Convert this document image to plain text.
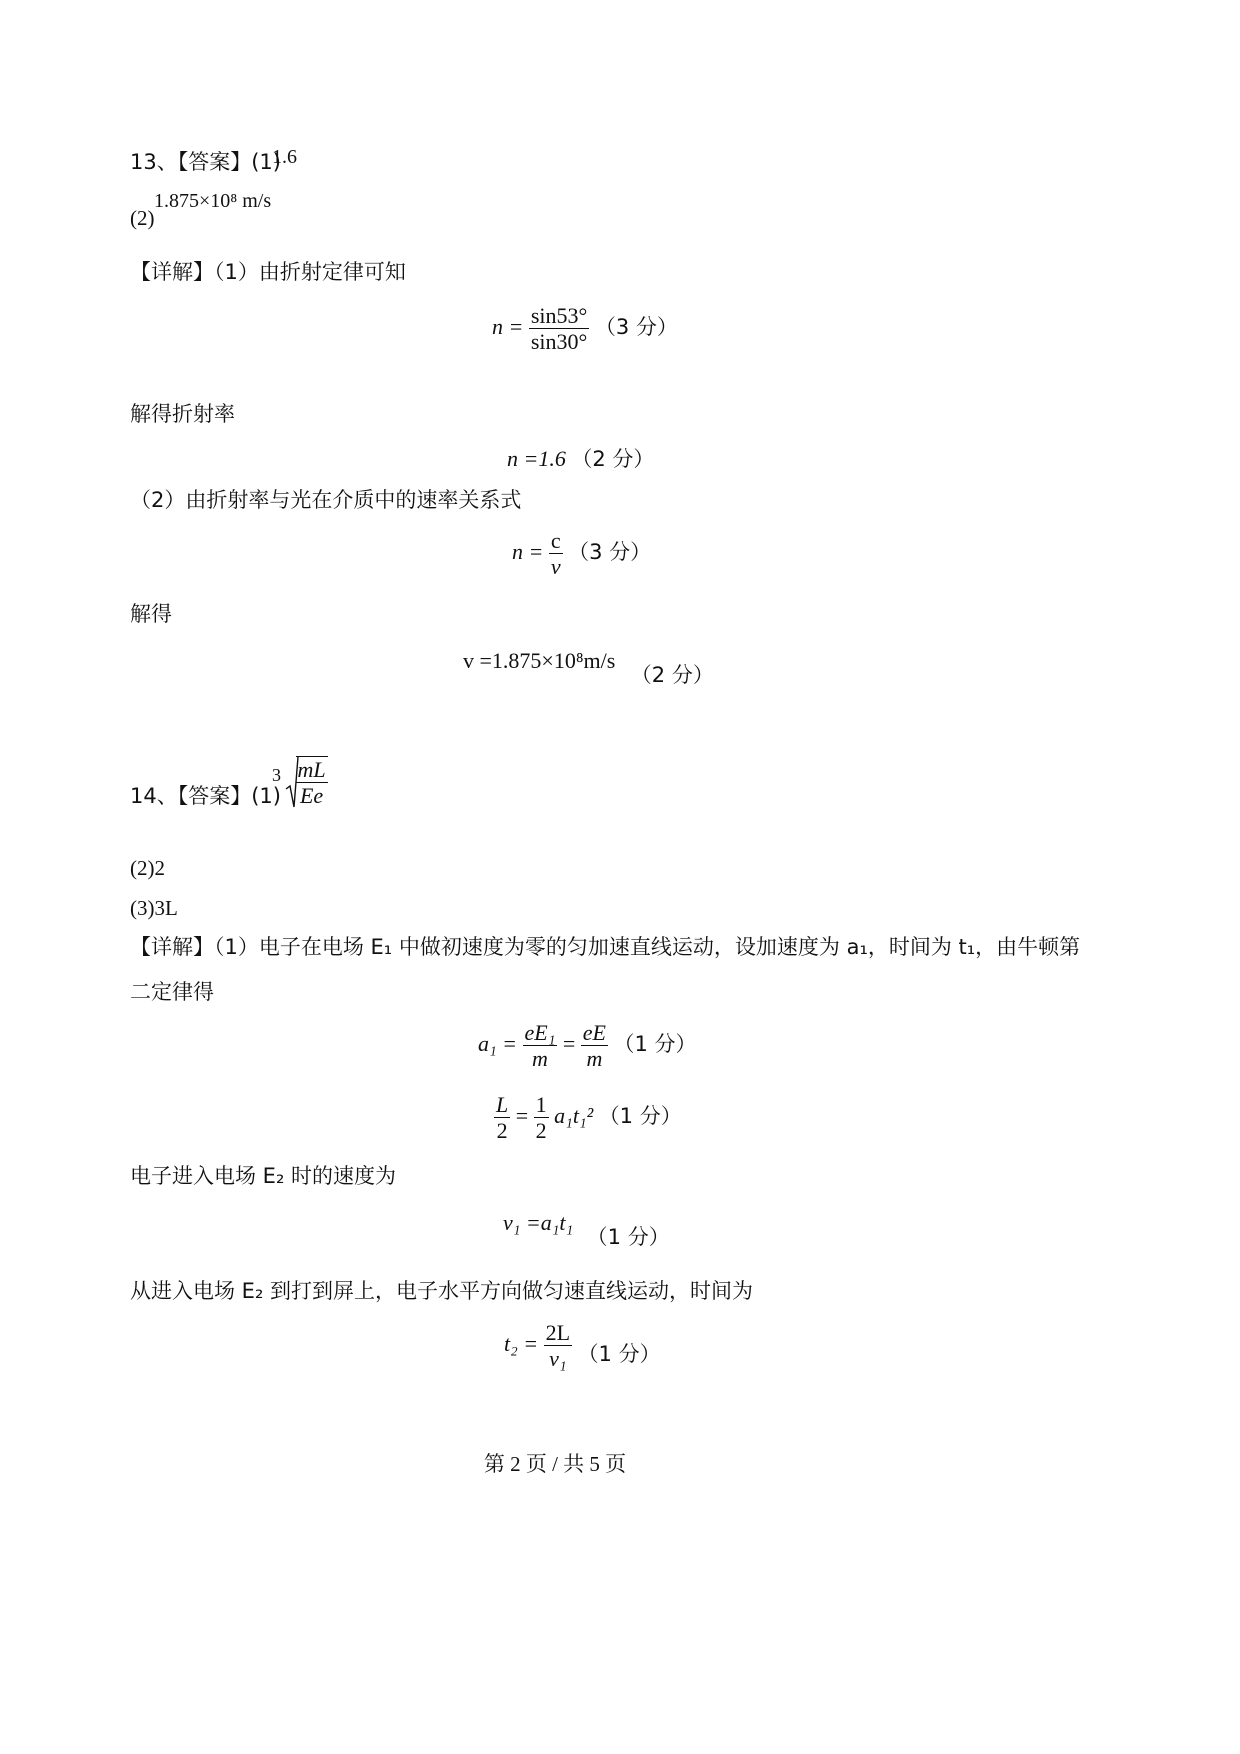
13、【答案】(1)
1.6
(2)
1.875×10⁸ m/s
【详解】（1）由折射定律可知
$n = \frac{\sin 53^\circ}{\sin 30^\circ} (3$ 分）
解得折射率
n =1.6 （2 分）
（2）由折射率与光在介质中的速率关系式
$n = \frac{c}{v} (3$ 分）
解得
v =1.875×10⁸m/s （2 分）
14、【答案】(1)
$^3 \frac{mL}{Ee}$
(2)2
(3)3L
【详解】（1）电子在电场 E₁ 中做初速度为零的匀加速直线运动，设加速度为 a₁，时间为 t₁，由牛顿第
二定律得
$a_1 = \frac{\text{eE₁}}{m} = \frac{eE}{m} (1$ 分）
$\frac{L}{2} = \frac{1}{2} a_1t_1^2$ （1 分）
电子进入电场 E₂ 时的速度为
v₁ =a₁t₁ （1 分）
从进入电场 E₂ 到打到屏上，电子水平方向做匀速直线运动，时间为
$t_2 = \frac{2L}{\text{v₁}} (1$ 分）
第 2 页 / 共 5 页
